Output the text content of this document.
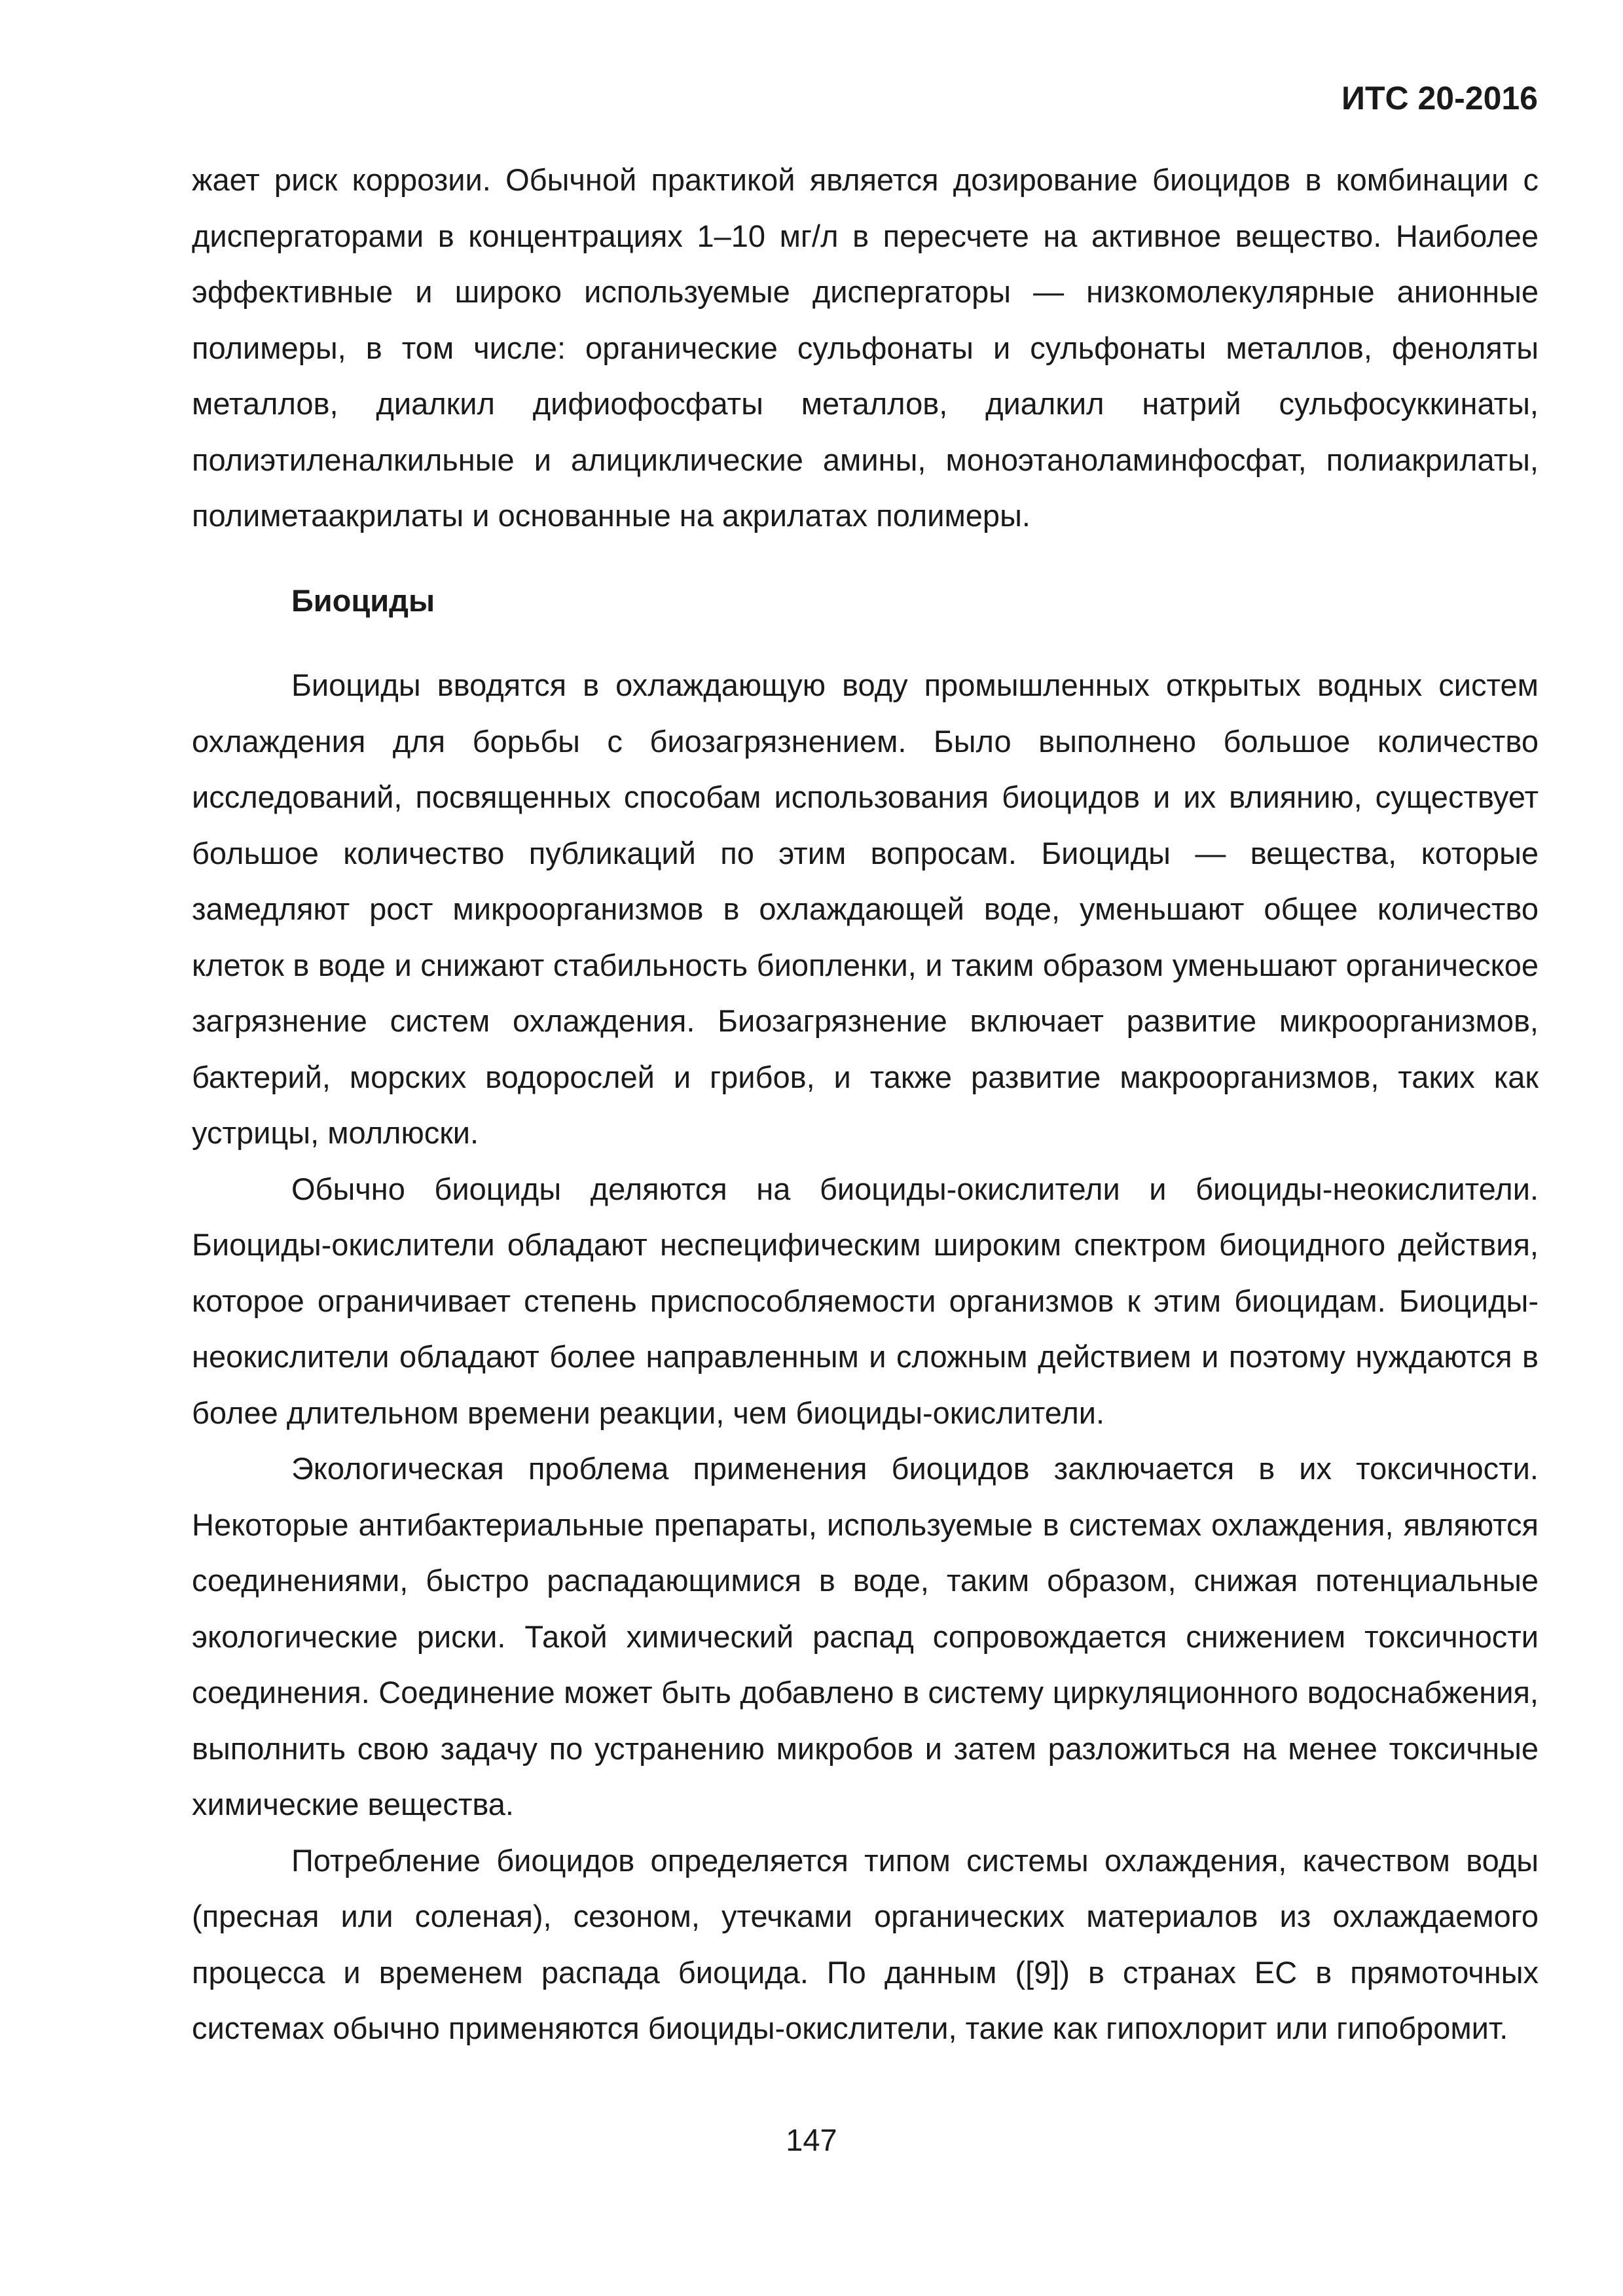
ИТС 20-2016

жает риск коррозии. Обычной практикой является дозирование биоцидов в комбинации с диспергаторами в концентрациях 1–10 мг/л в пересчете на активное вещество. Наиболее эффективные и широко используемые диспергаторы — низкомолекулярные анионные полимеры, в том числе: органические сульфонаты и сульфонаты металлов, феноляты металлов, диалкил дифиофосфаты металлов, диалкил натрий сульфосуккинаты, полиэтиленалкильные и алициклические амины, моноэтаноламинфосфат, полиакрилаты, полиметаакрилаты и основанные на акрилатах полимеры.

Биоциды

Биоциды вводятся в охлаждающую воду промышленных открытых водных систем охлаждения для борьбы с биозагрязнением. Было выполнено большое количество исследований, посвященных способам использования биоцидов и их влиянию, существует большое количество публикаций по этим вопросам. Биоциды — вещества, которые замедляют рост микроорганизмов в охлаждающей воде, уменьшают общее количество клеток в воде и снижают стабильность биопленки, и таким образом уменьшают органическое загрязнение систем охлаждения. Биозагрязнение включает развитие микроорганизмов, бактерий, морских водорослей и грибов, и также развитие макроорганизмов, таких как устрицы, моллюски.

Обычно биоциды деляются на биоциды-окислители и биоциды-неокислители. Биоциды-окислители обладают неспецифическим широким спектром биоцидного действия, которое ограничивает степень приспособляемости организмов к этим биоцидам. Биоциды-неокислители обладают более направленным и сложным действием и поэтому нуждаются в более длительном времени реакции, чем биоциды-окислители.

Экологическая проблема применения биоцидов заключается в их токсичности. Некоторые антибактериальные препараты, используемые в системах охлаждения, являются соединениями, быстро распадающимися в воде, таким образом, снижая потенциальные экологические риски. Такой химический распад сопровождается снижением токсичности соединения. Соединение может быть добавлено в систему циркуляционного водоснабжения, выполнить свою задачу по устранению микробов и затем разложиться на менее токсичные химические вещества.

Потребление биоцидов определяется типом системы охлаждения, качеством воды (пресная или соленая), сезоном, утечками органических материалов из охлаждаемого процесса и временем распада биоцида. По данным ([9]) в странах ЕС в прямоточных системах обычно применяются биоциды-окислители, такие как гипохлорит или гипобромит.

147
